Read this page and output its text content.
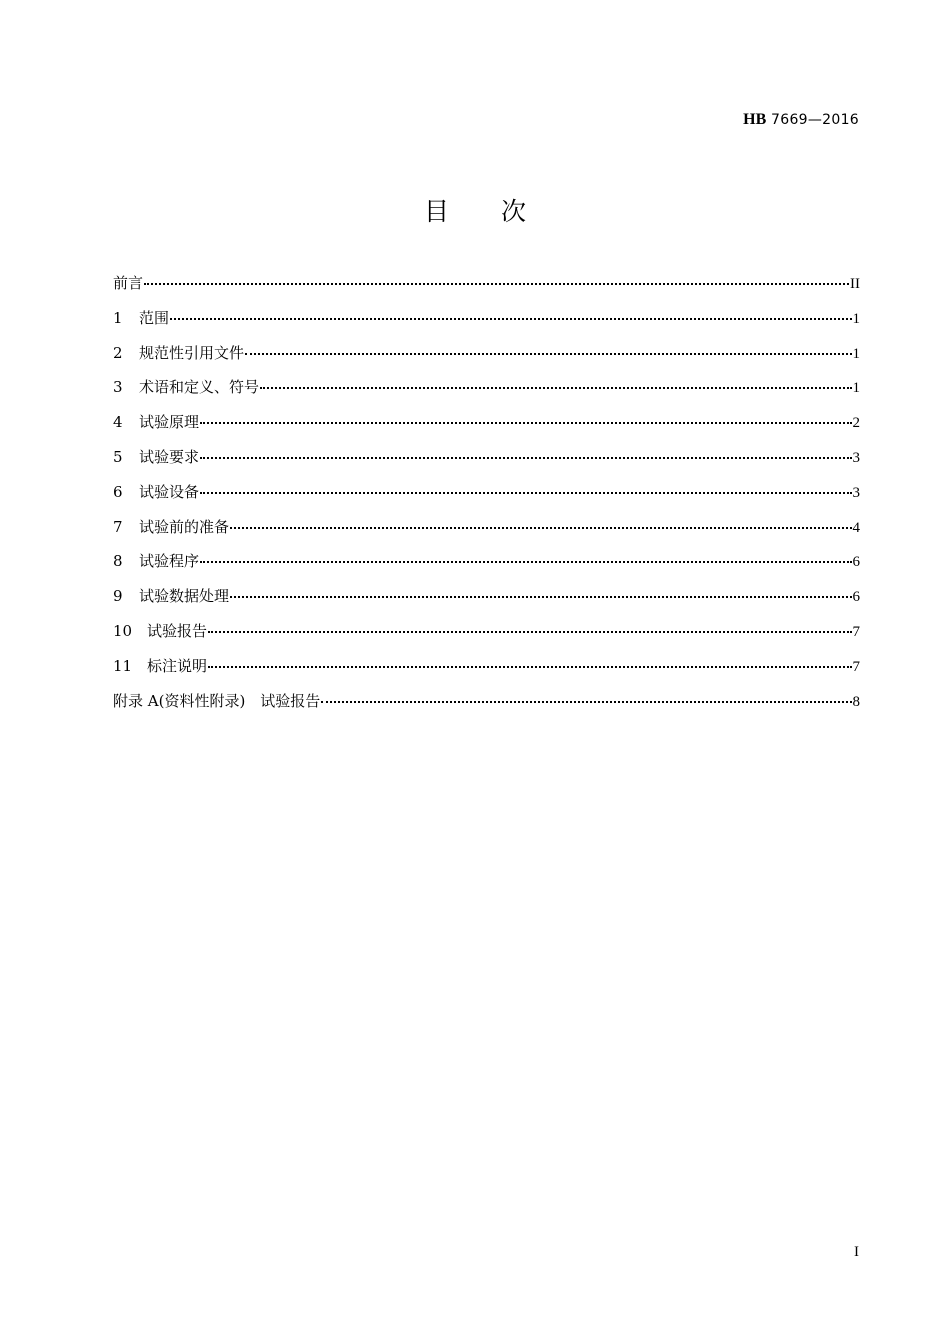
HB 7669—2016
目 次
前言	II
1	范围	1
2	规范性引用文件	1
3	术语和定义、符号	1
4	试验原理	2
5	试验要求	3
6	试验设备	3
7	试验前的准备	4
8	试验程序	6
9	试验数据处理	6
10 试验报告	7
11 标注说明	7
附录 A(资料性附录)　试验报告	8
I
